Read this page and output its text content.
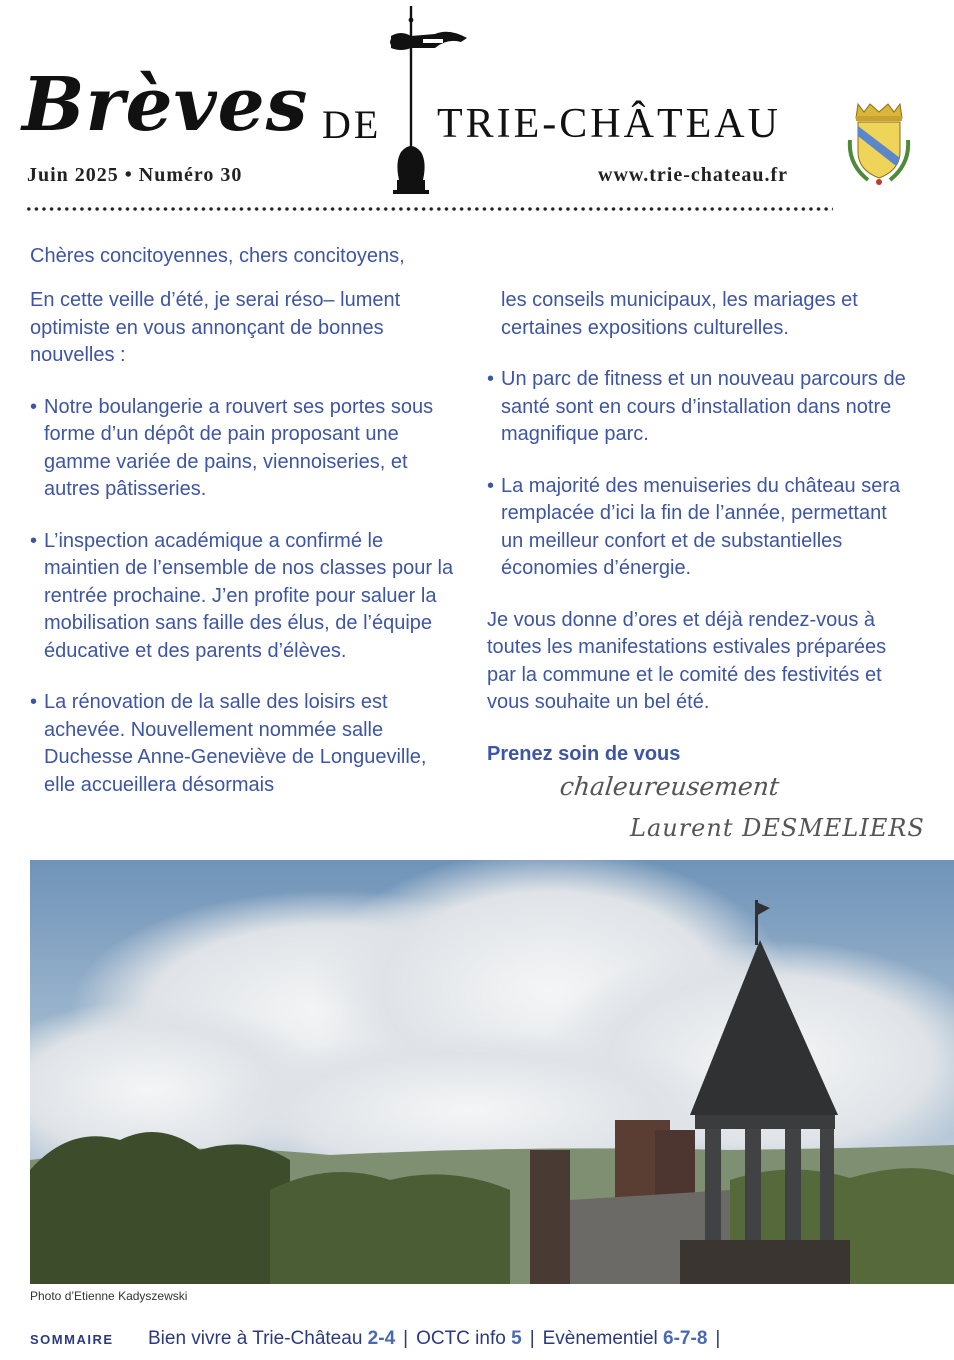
Brèves DE TRIE-CHÂTEAU
Juin 2025 • Numéro 30	www.trie-chateau.fr

Chères concitoyennes, chers concitoyens,

En cette veille d’été, je serai réso– lument optimiste en vous annonçant de bonnes nouvelles :

• Notre boulangerie a rouvert ses portes sous forme d’un dépôt de pain proposant une gamme variée de pains, viennoiseries, et autres pâtisseries.
• L’inspection académique a confirmé le maintien de l’ensemble de nos classes pour la rentrée prochaine. J’en profite pour saluer la mobilisation sans faille des élus, de l’équipe éducative et des parents d’élèves.
• La rénovation de la salle des loisirs est achevée. Nouvellement nommée salle Duchesse Anne-Geneviève de Longueville, elle accueillera désormais

les conseils municipaux, les mariages et certaines expositions culturelles.

• Un parc de fitness et un nouveau parcours de santé sont en cours d’installation dans notre magnifique parc.
• La majorité des menuiseries du château sera remplacée d’ici la fin de l’année, permettant un meilleur confort et de substantielles économies d’énergie.

Je vous donne d’ores et déjà rendez-vous à toutes les manifestations estivales préparées par la commune et le comité des festivités et vous souhaite un bel été.

Prenez soin de vous

chaleureusement
Laurent DESMELIERS
Photo d’Etienne Kadyszewski
SOMMAIRE Bien vivre à Trie-Château 2-4 | OCTC info 5 | Evènementiel 6-7-8 |
